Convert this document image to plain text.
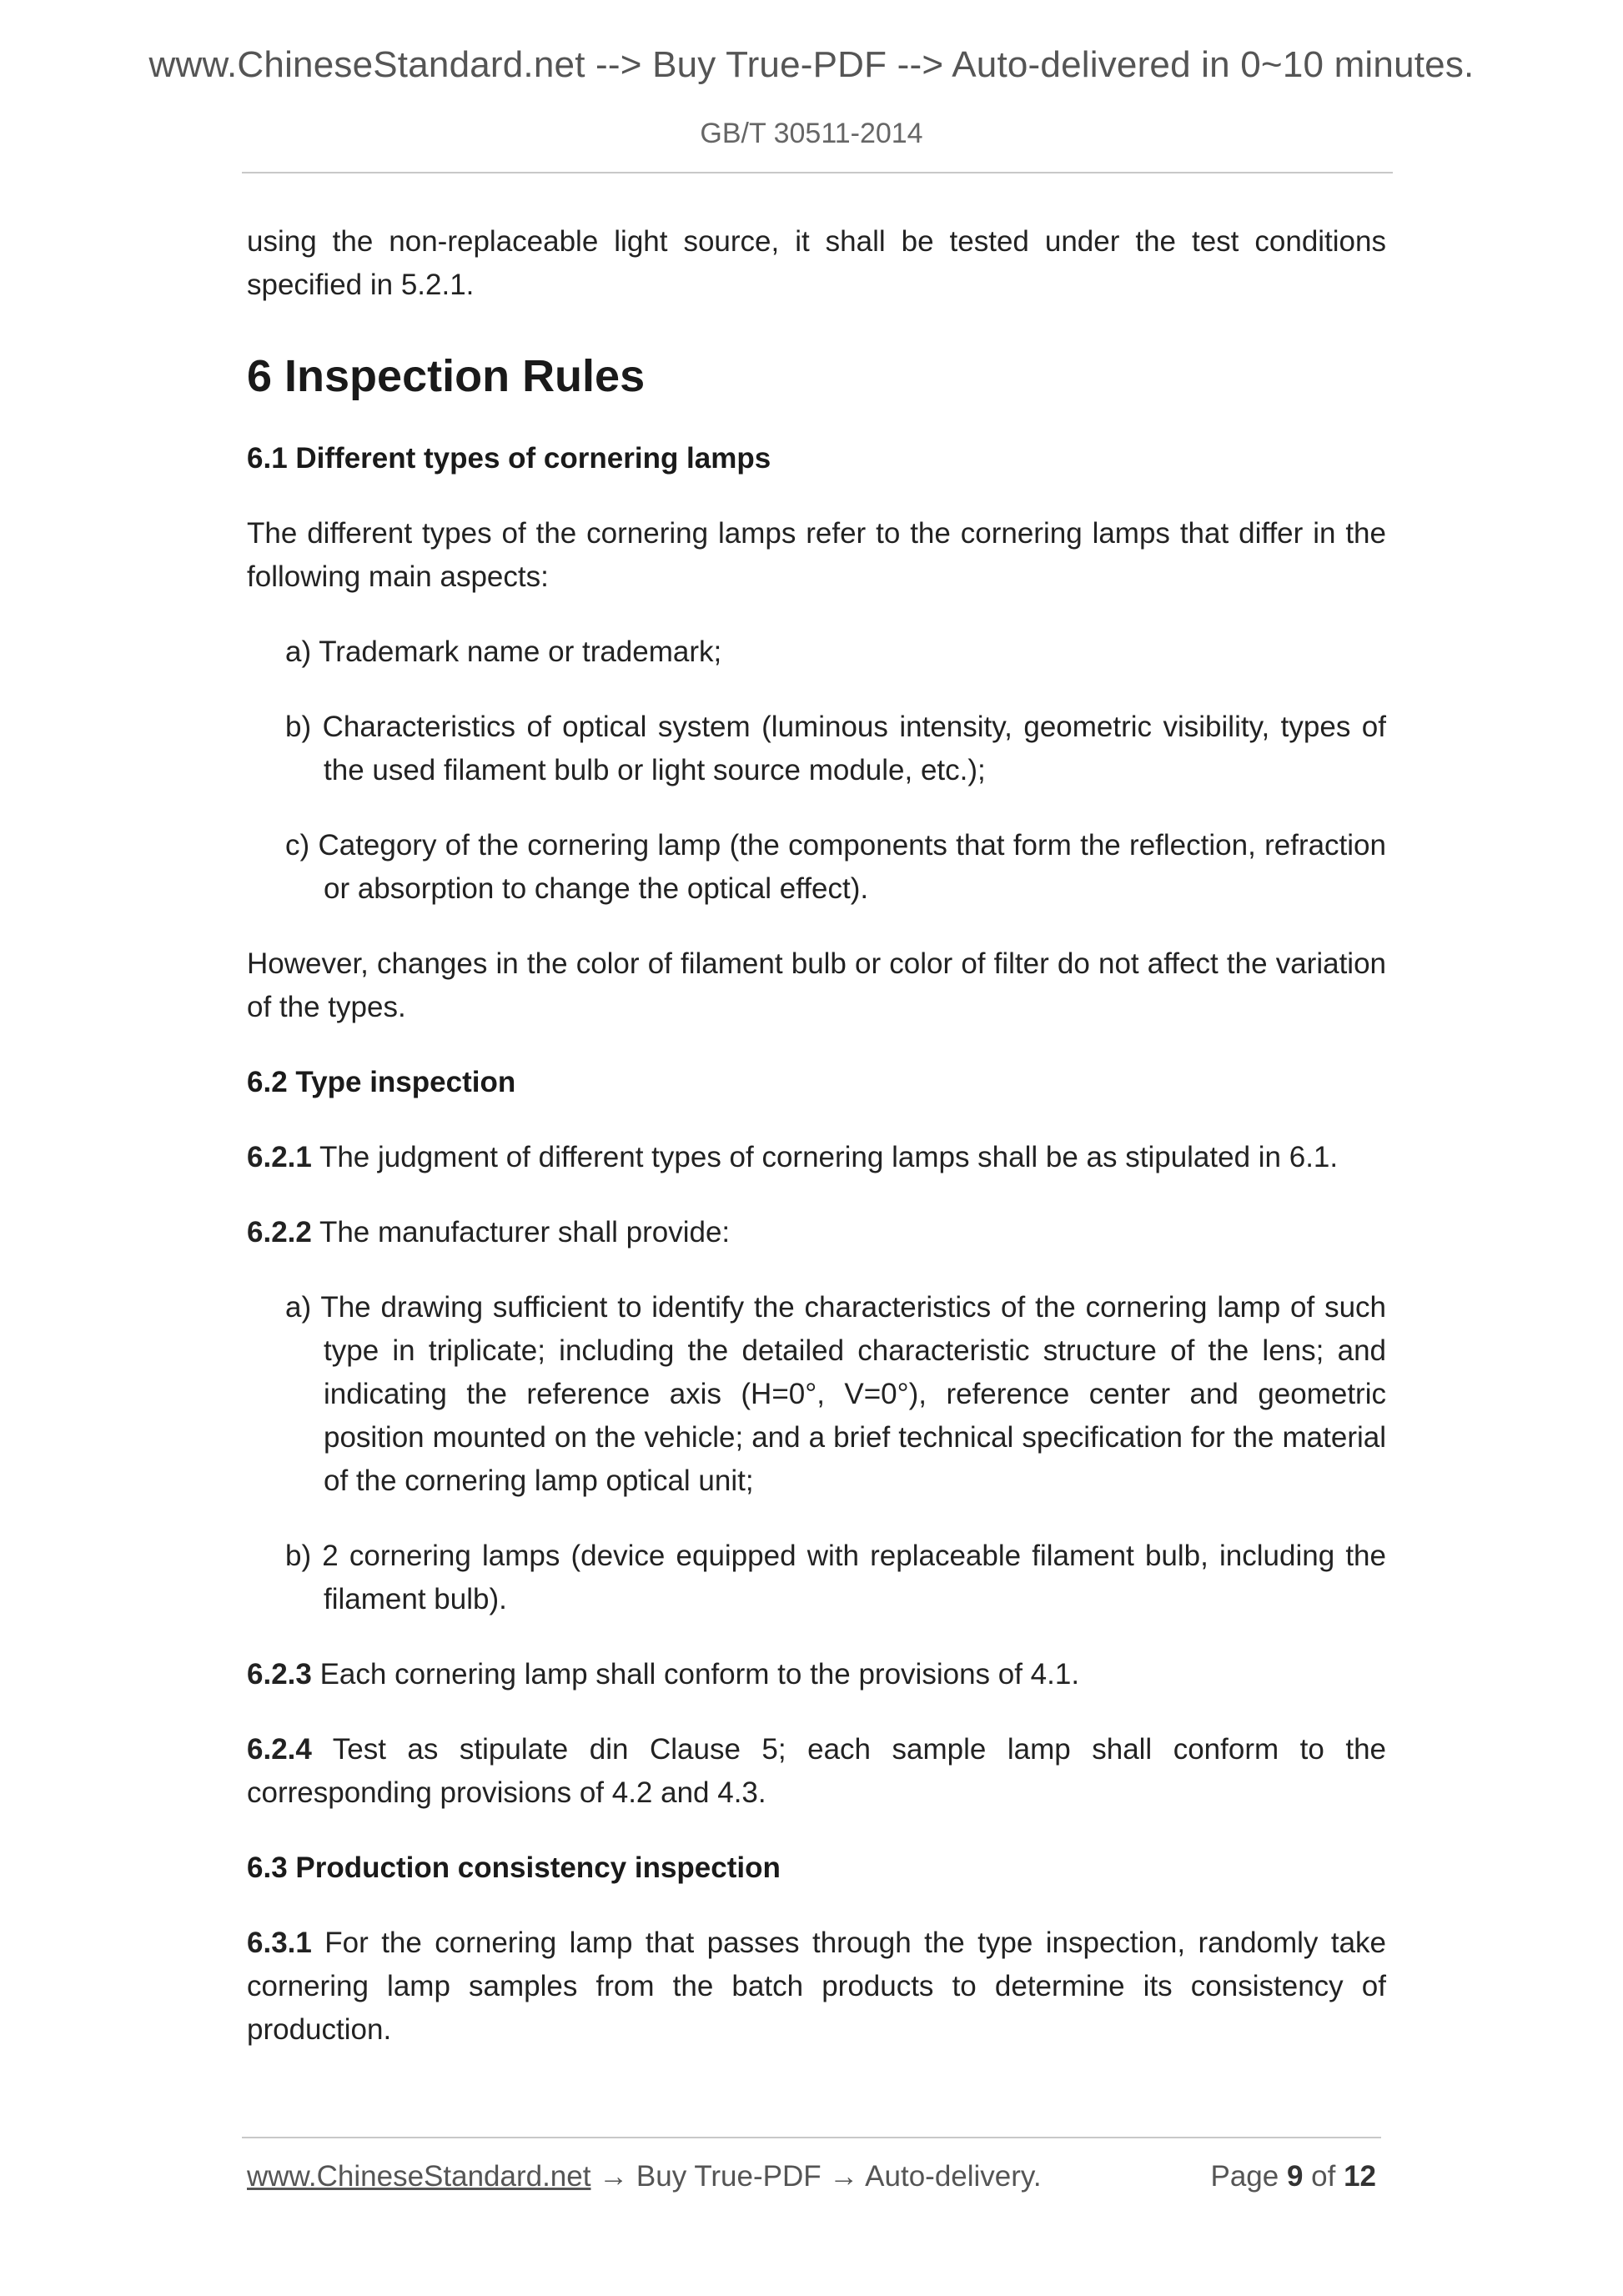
www.ChineseStandard.net --> Buy True-PDF --> Auto-delivered in 0~10 minutes.
GB/T 30511-2014

using the non-replaceable light source, it shall be tested under the test conditions specified in 5.2.1.

6 Inspection Rules
6.1 Different types of cornering lamps

The different types of the cornering lamps refer to the cornering lamps that differ in the following main aspects:

a) Trademark name or trademark;
b) Characteristics of optical system (luminous intensity, geometric visibility, types of the used filament bulb or light source module, etc.);
c) Category of the cornering lamp (the components that form the reflection, refraction or absorption to change the optical effect).

However, changes in the color of filament bulb or color of filter do not affect the variation of the types.

6.2 Type inspection

6.2.1 The judgment of different types of cornering lamps shall be as stipulated in 6.1.

6.2.2 The manufacturer shall provide:

a) The drawing sufficient to identify the characteristics of the cornering lamp of such type in triplicate; including the detailed characteristic structure of the lens; and indicating the reference axis (H=0°, V=0°), reference center and geometric position mounted on the vehicle; and a brief technical specification for the material of the cornering lamp optical unit;
b) 2 cornering lamps (device equipped with replaceable filament bulb, including the filament bulb).

6.2.3 Each cornering lamp shall conform to the provisions of 4.1.

6.2.4 Test as stipulate din Clause 5; each sample lamp shall conform to the corresponding provisions of 4.2 and 4.3.

6.3 Production consistency inspection

6.3.1 For the cornering lamp that passes through the type inspection, randomly take cornering lamp samples from the batch products to determine its consistency of production.

www.ChineseStandard.net → Buy True-PDF → Auto-delivery.	Page 9 of 12
